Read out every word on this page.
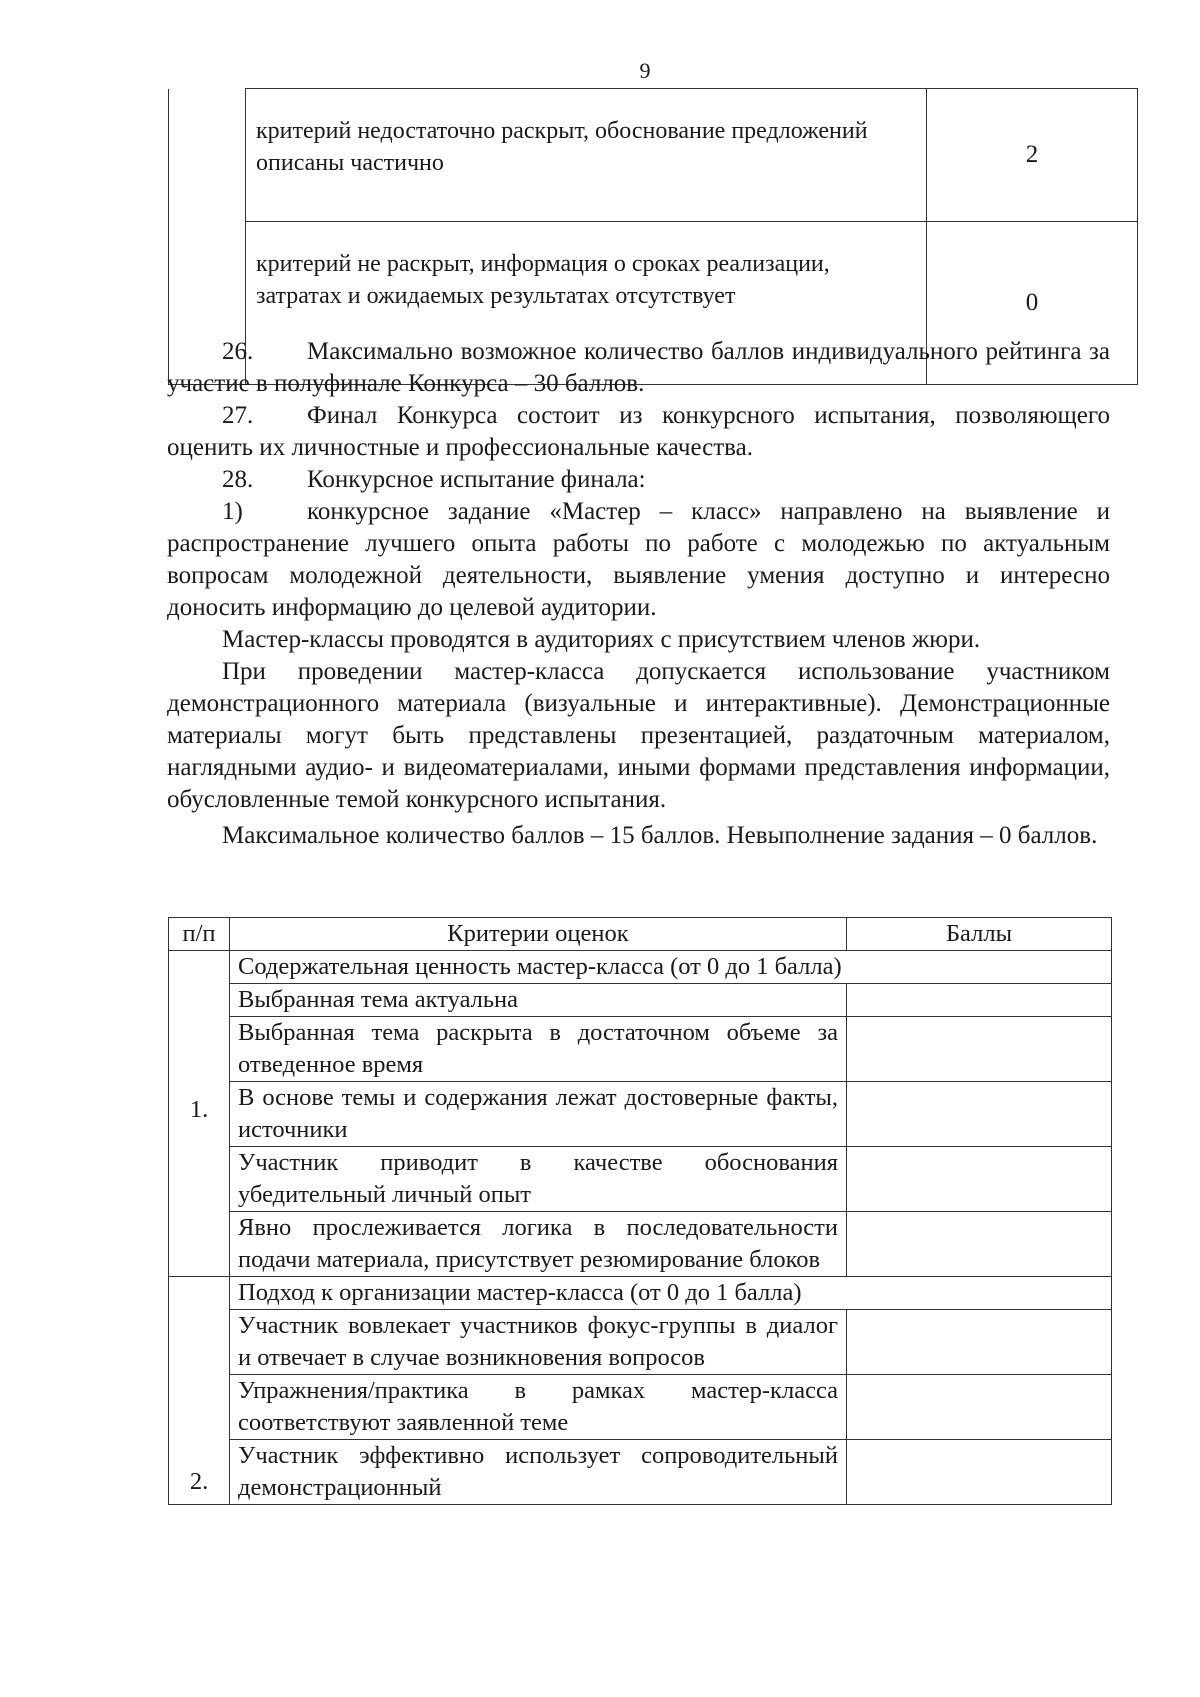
9
	критерий недостаточно раскрыт, обоснование предложений описаны частично	2
	критерий не раскрыт, информация о сроках реализации, затратах и ожидаемых результатах отсутствует	0

26. Максимально возможное количество баллов индивидуального рейтинга за участие в полуфинале Конкурса – 30 баллов.

27. Финал Конкурса состоит из конкурсного испытания, позволяющего оценить их личностные и профессиональные качества.

28. Конкурсное испытание финала:

1)	конкурсное задание «Мастер – класс» направлено на выявление и распространение лучшего опыта работы по работе с молодежью по актуальным вопросам молодежной деятельности, выявление умения доступно и интересно доносить информацию до целевой аудитории.

Мастер-классы проводятся в аудиториях с присутствием членов жюри.

При проведении мастер-класса допускается использование участником демонстрационного материала (визуальные и интерактивные). Демонстрационные материалы могут быть представлены презентацией, раздаточным материалом, наглядными аудио- и видеоматериалами, иными формами представления информации, обусловленные темой конкурсного испытания.

Максимальное количество баллов – 15 баллов. Невыполнение задания – 0 баллов.

п/п	Критерии оценок	Баллы
1.	Содержательная ценность мастер-класса (от 0 до 1 балла)	
	Выбранная тема актуальна	
	Выбранная тема раскрыта в достаточном объеме за отведенное время	
	В основе темы и содержания лежат достоверные факты, источники	
	Участник приводит в качестве обоснования убедительный личный опыт	
	Явно прослеживается логика в последовательности подачи материала, присутствует резюмирование блоков	
2.	Подход к организации мастер-класса (от 0 до 1 балла)	
	Участник вовлекает участников фокус-группы в диалог и отвечает в случае возникновения вопросов	
	Упражнения/практика в рамках мастер-класса соответствуют заявленной теме	
	Участник эффективно использует сопроводительный демонстрационный	
